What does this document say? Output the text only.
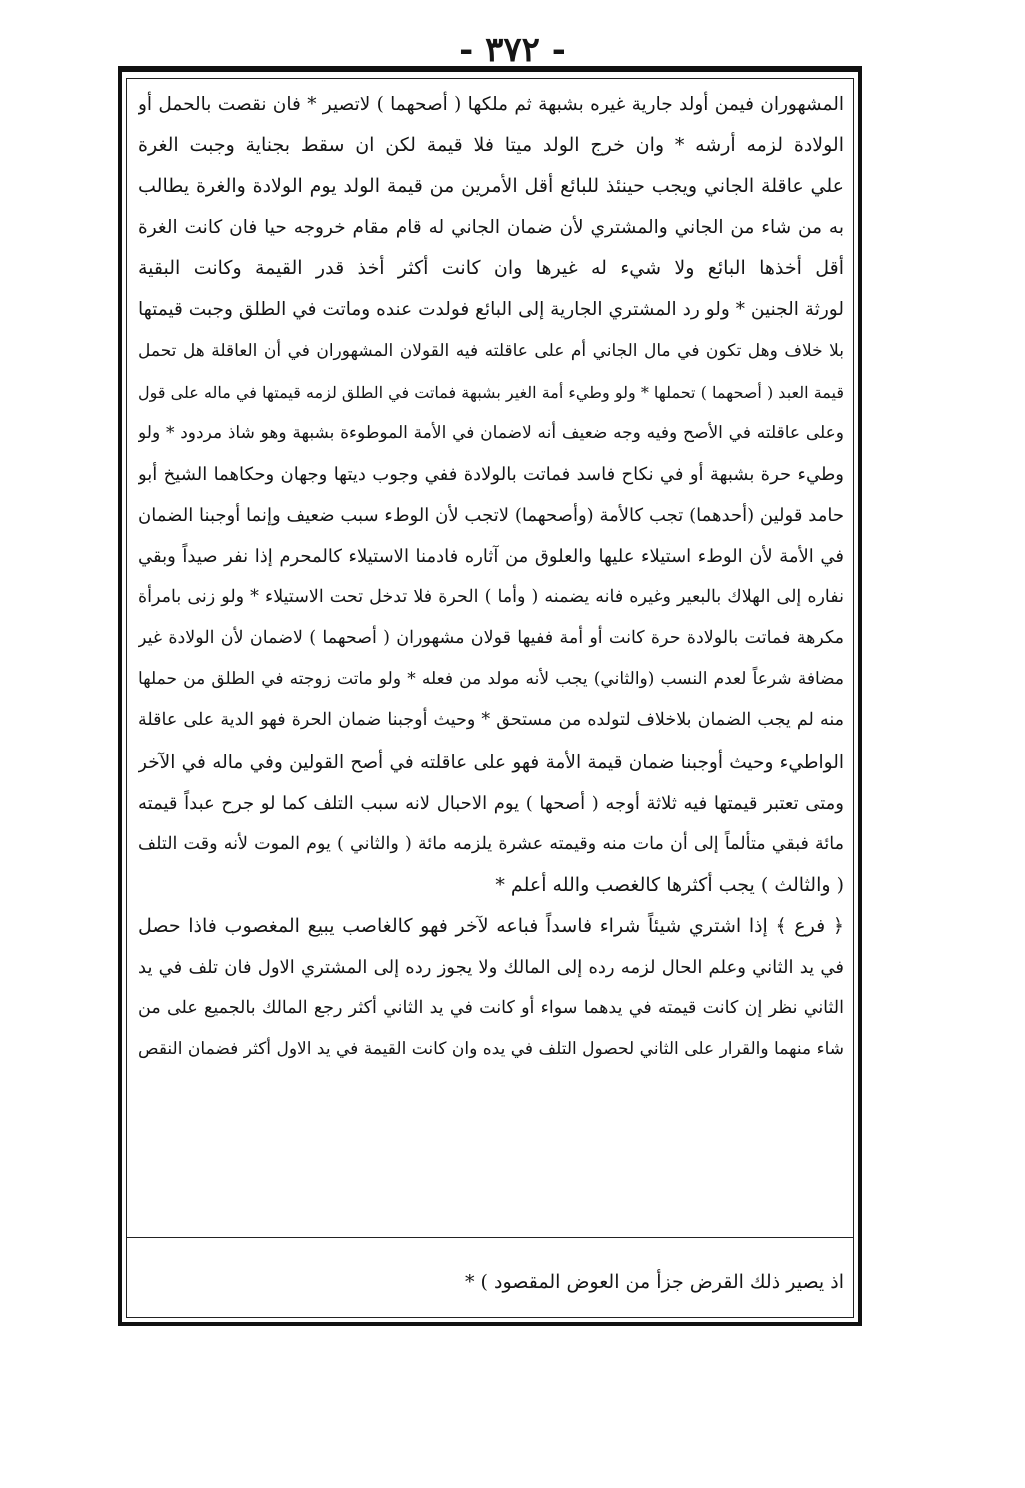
- ٣٧٢ -
المشهوران فيمن أولد جارية غيره بشبهة ثم ملكها ( أصحهما ) لاتصير * فان نقصت بالحمل أو
الولادة لزمه أرشه * وان خرج الولد ميتا فلا قيمة لكن ان سقط بجناية وجبت الغرة
علي عاقلة الجاني ويجب حينئذ للبائع أقل الأمرين من قيمة الولد يوم الولادة والغرة يطالب
به من شاء من الجاني والمشتري لأن ضمان الجاني له قام مقام خروجه حيا فان كانت الغرة
أقل أخذها البائع ولا شيء له غيرها وان كانت أكثر أخذ قدر القيمة وكانت البقية
لورثة الجنين * ولو رد المشتري الجارية إلى البائع فولدت عنده وماتت في الطلق وجبت قيمتها
بلا خلاف وهل تكون في مال الجاني أم على عاقلته فيه القولان المشهوران في أن العاقلة هل تحمل
قيمة العبد ( أصحهما ) تحملها * ولو وطيء أمة الغير بشبهة فماتت في الطلق لزمه قيمتها في ماله على قول
وعلى عاقلته في الأصح وفيه وجه ضعيف أنه لاضمان في الأمة الموطوءة بشبهة وهو شاذ مردود * ولو
وطيء حرة بشبهة أو في نكاح فاسد فماتت بالولادة ففي وجوب ديتها وجهان وحكاهما الشيخ أبو
حامد قولين (أحدهما) تجب كالأمة (وأصحهما) لاتجب لأن الوطء سبب ضعيف وإنما أوجبنا الضمان
في الأمة لأن الوطء استيلاء عليها والعلوق من آثاره فادمنا الاستيلاء كالمحرم إذا نفر صيداً وبقي
نفاره إلى الهلاك بالبعير وغيره فانه يضمنه ( وأما ) الحرة فلا تدخل تحت الاستيلاء * ولو زنى بامرأة
مكرهة فماتت بالولادة حرة كانت أو أمة ففيها قولان مشهوران ( أصحهما ) لاضمان لأن الولادة غير
مضافة شرعاً لعدم النسب (والثاني) يجب لأنه مولد من فعله * ولو ماتت زوجته في الطلق من حملها
منه لم يجب الضمان بلاخلاف لتولده من مستحق * وحيث أوجبنا ضمان الحرة فهو الدية على عاقلة
الواطيء وحيث أوجبنا ضمان قيمة الأمة فهو على عاقلته في أصح القولين وفي ماله في الآخر
ومتى تعتبر قيمتها فيه ثلاثة أوجه ( أصحها ) يوم الاحبال لانه سبب التلف كما لو جرح عبداً قيمته
مائة فبقي متألماً إلى أن مات منه وقيمته عشرة يلزمه مائة ( والثاني ) يوم الموت لأنه وقت التلف
( والثالث ) يجب أكثرها كالغصب والله أعلم *
﴿ فرع ﴾ إذا اشتري شيئاً شراء فاسداً فباعه لآخر فهو كالغاصب يبيع المغصوب فاذا حصل
في يد الثاني وعلم الحال لزمه رده إلى المالك ولا يجوز رده إلى المشتري الاول فان تلف في يد
الثاني نظر إن كانت قيمته في يدهما سواء أو كانت في يد الثاني أكثر رجع المالك بالجميع على من
شاء منهما والقرار على الثاني لحصول التلف في يده وان كانت القيمة في يد الاول أكثر فضمان النقص
اذ يصير ذلك القرض جزأ من العوض المقصود ) *
